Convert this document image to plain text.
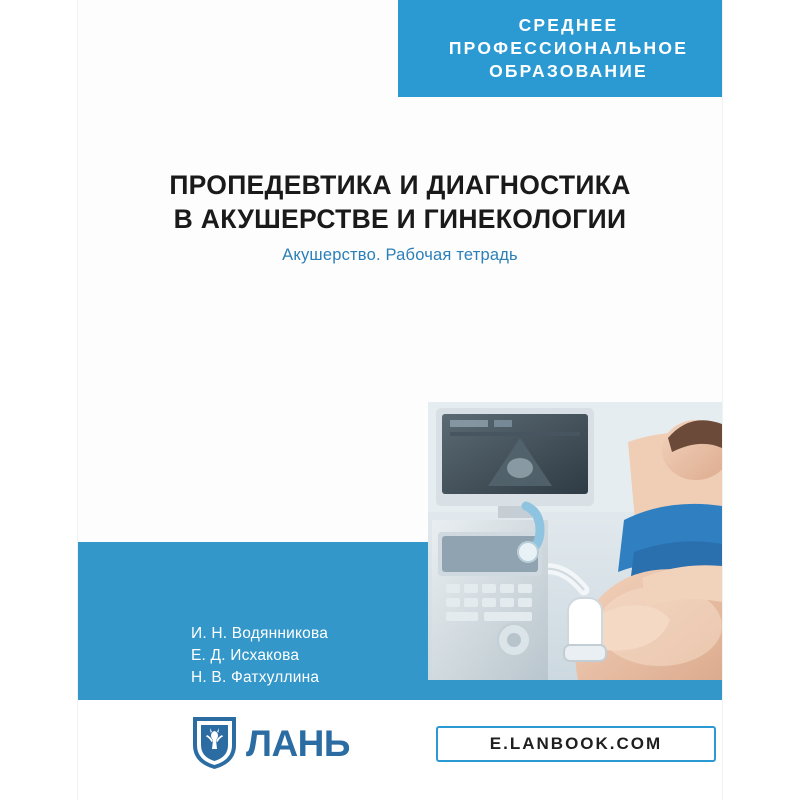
СРЕДНЕЕ
ПРОФЕССИОНАЛЬНОЕ
ОБРАЗОВАНИЕ
ПРОПЕДЕВТИКА И ДИАГНОСТИКА
В АКУШЕРСТВЕ И ГИНЕКОЛОГИИ
Акушерство. Рабочая тетрадь
И. Н. Водянникова
Е. Д. Исхакова
Н. В. Фатхуллина
ЛАНЬ	E.LANBOOK.COM
